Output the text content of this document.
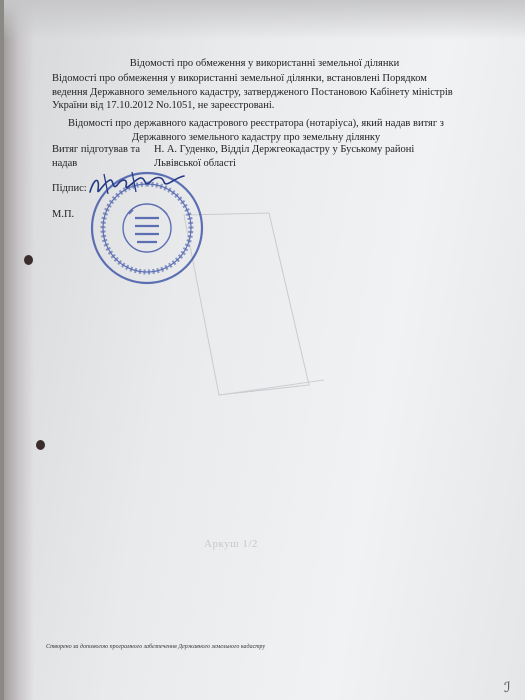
Відомості про обмеження у використанні земельної ділянки
Відомості про обмеження у використанні земельної ділянки, встановлені Порядком ведення Державного земельного кадастру, затвердженого Постановою Кабінету міністрів України від 17.10.2012 No.1051, не зареєстровані.
Відомості про державного кадастрового реєстратора (нотаріуса), який надав витяг з Державного земельного кадастру про земельну ділянку
Витяг підготував та надав
Н. А. Гуденко, Відділ Держгеокадастру у Буському районі Львівської області
Підпис:
М.П.
Аркуш 1/2
Створено за допомогою програмного забезпечення Державного земельного кадастру
ℐ
